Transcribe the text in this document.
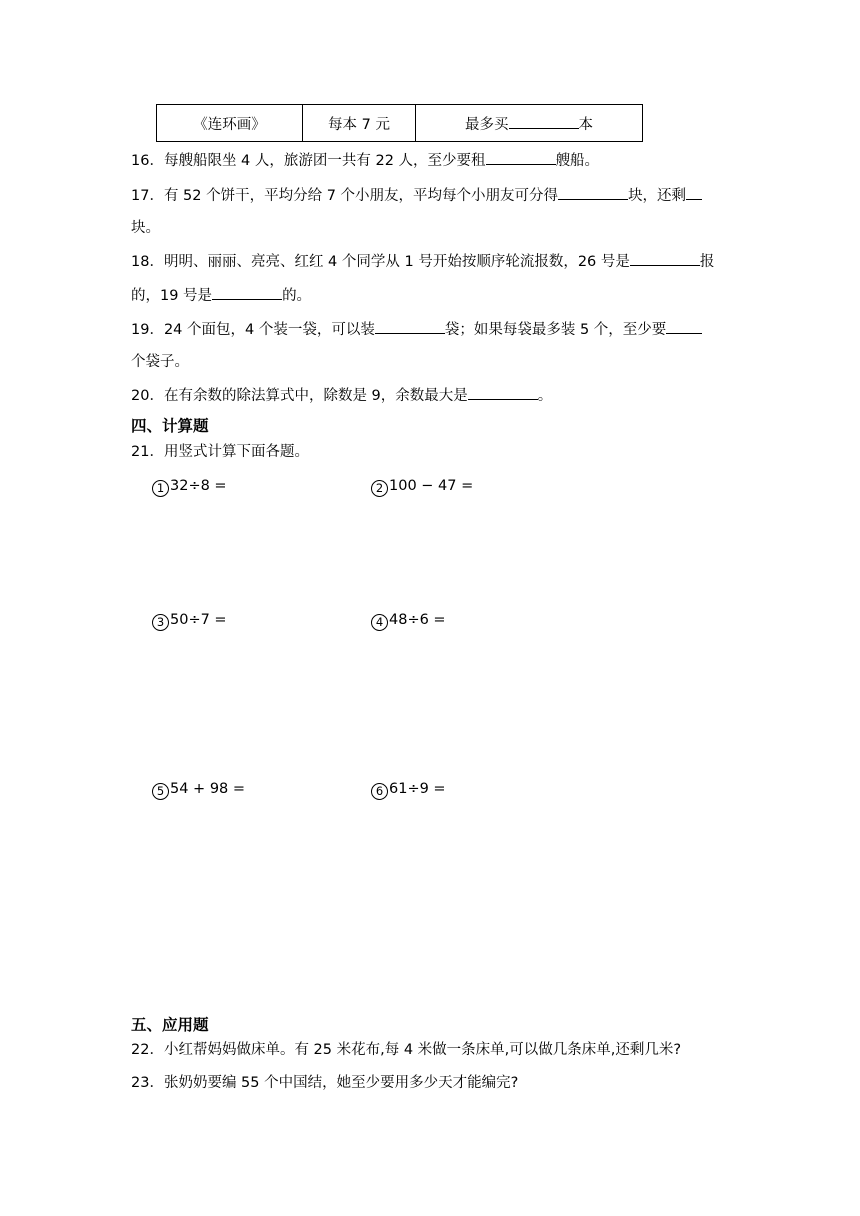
《连环画》	每本 7 元	最多买	本
16．每艘船限坐 4 人，旅游团一共有 22 人，至少要租	艘船。
17．有 52 个饼干，平均分给 7 个小朋友，平均每个小朋友可分得	块，还剩
块。
18．明明、丽丽、亮亮、红红 4 个同学从 1 号开始按顺序轮流报数，26 号是	报
的，19 号是	的。
19．24 个面包，4 个装一袋，可以装	袋；如果每袋最多装 5 个，至少要
个袋子。
20．在有余数的除法算式中，除数是 9，余数最大是	。
四、计算题
21．用竖式计算下面各题。
1 32÷8 =	2 100 − 47 =
3 50÷7 =	4 48÷6 =
5 54 + 98 =	6 61÷9 =
五、应用题
22．小红帮妈妈做床单。有 25 米花布,每 4 米做一条床单,可以做几条床单,还剩几米?
23．张奶奶要编 55 个中国结，她至少要用多少天才能编完?
